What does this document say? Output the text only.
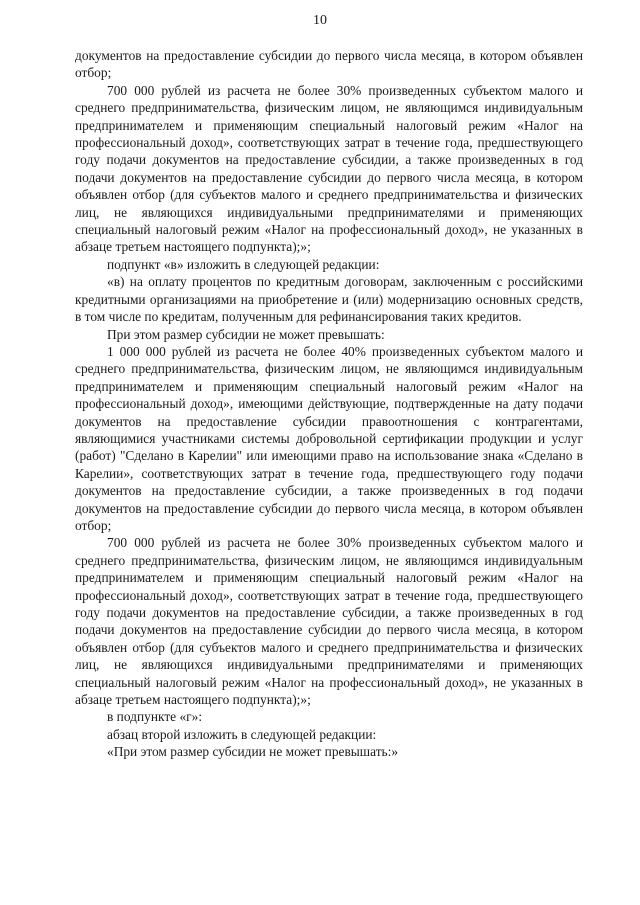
10

документов на предоставление субсидии до первого числа месяца, в котором объявлен отбор;

700 000 рублей из расчета не более 30% произведенных субъектом малого и среднего предпринимательства, физическим лицом, не являющимся индивидуальным предпринимателем и применяющим специальный налоговый режим «Налог на профессиональный доход», соответствующих затрат в течение года, предшествующего году подачи документов на предоставление субсидии, а также произведенных в год подачи документов на предоставление субсидии до первого числа месяца, в котором объявлен отбор (для субъектов малого и среднего предпринимательства и физических лиц, не являющихся индивидуальными предпринимателями и применяющих специальный налоговый режим «Налог на профессиональный доход», не указанных в абзаце третьем настоящего подпункта);»;

подпункт «в» изложить в следующей редакции:

«в) на оплату процентов по кредитным договорам, заключенным с российскими кредитными организациями на приобретение и (или) модернизацию основных средств, в том числе по кредитам, полученным для рефинансирования таких кредитов.

При этом размер субсидии не может превышать:

1 000 000 рублей из расчета не более 40% произведенных субъектом малого и среднего предпринимательства, физическим лицом, не являющимся индивидуальным предпринимателем и применяющим специальный налоговый режим «Налог на профессиональный доход», имеющими действующие, подтвержденные на дату подачи документов на предоставление субсидии правоотношения с контрагентами, являющимися участниками системы добровольной сертификации продукции и услуг (работ) "Сделано в Карелии" или имеющими право на использование знака «Сделано в Карелии», соответствующих затрат в течение года, предшествующего году подачи документов на предоставление субсидии, а также произведенных в год подачи документов на предоставление субсидии до первого числа месяца, в котором объявлен отбор;

700 000 рублей из расчета не более 30% произведенных субъектом малого и среднего предпринимательства, физическим лицом, не являющимся индивидуальным предпринимателем и применяющим специальный налоговый режим «Налог на профессиональный доход», соответствующих затрат в течение года, предшествующего году подачи документов на предоставление субсидии, а также произведенных в год подачи документов на предоставление субсидии до первого числа месяца, в котором объявлен отбор (для субъектов малого и среднего предпринимательства и физических лиц, не являющихся индивидуальными предпринимателями и применяющих специальный налоговый режим «Налог на профессиональный доход», не указанных в абзаце третьем настоящего подпункта);»;

в подпункте «г»:

абзац второй изложить в следующей редакции:

«При этом размер субсидии не может превышать:»
